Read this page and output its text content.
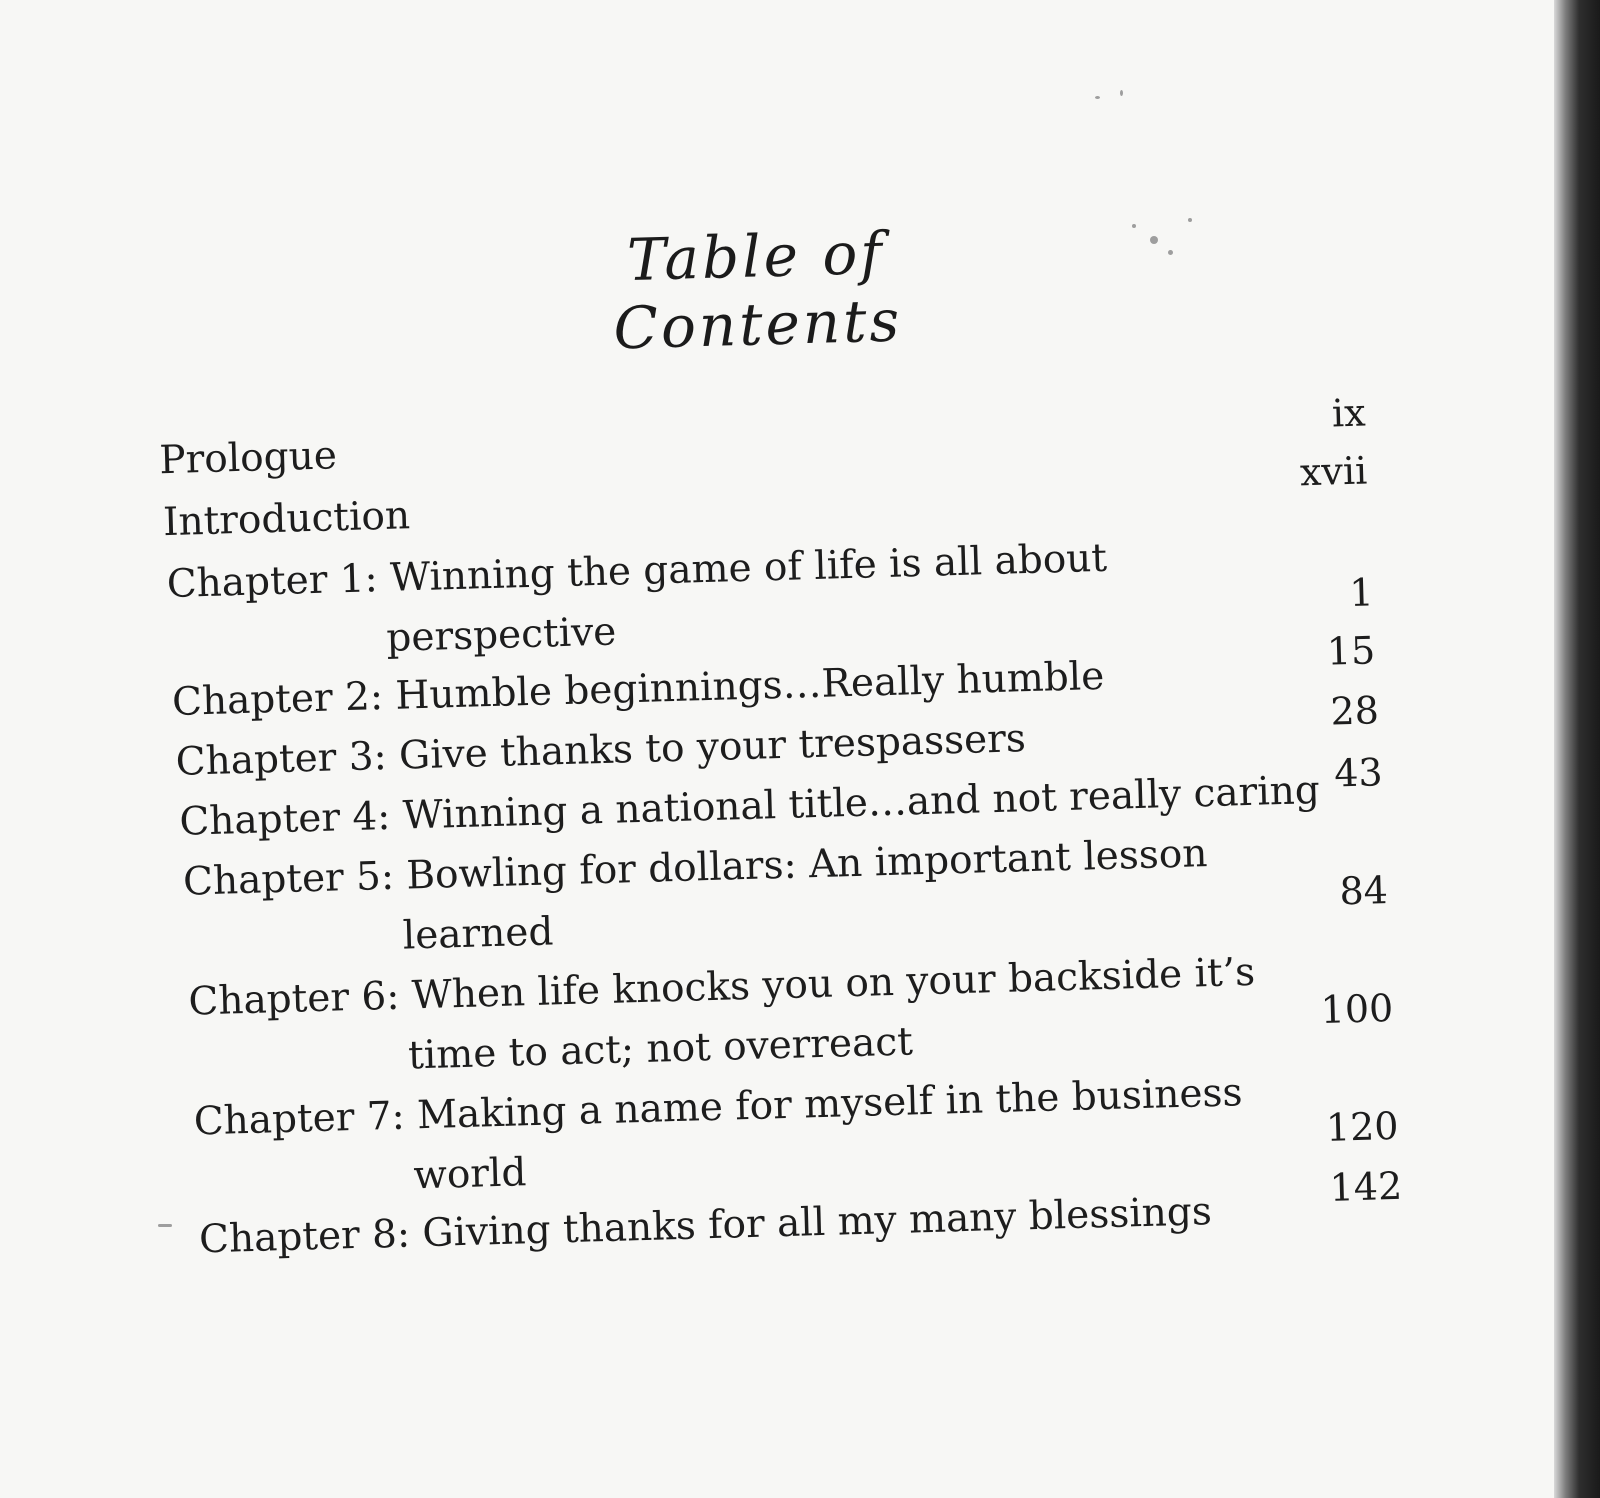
Table of Contents
Prologue
ix
Introduction
xvii
Chapter 1: Winning the game of life is all about
perspective
1
Chapter 2: Humble beginnings…Really humble
15
Chapter 3: Give thanks to your trespassers
28
Chapter 4: Winning a national title…and not really caring 43
Chapter 5: Bowling for dollars: An important lesson
learned
84
Chapter 6: When life knocks you on your backside it’s
time to act; not overreact
100
Chapter 7: Making a name for myself in the business
world
120
Chapter 8: Giving thanks for all my many blessings
142
